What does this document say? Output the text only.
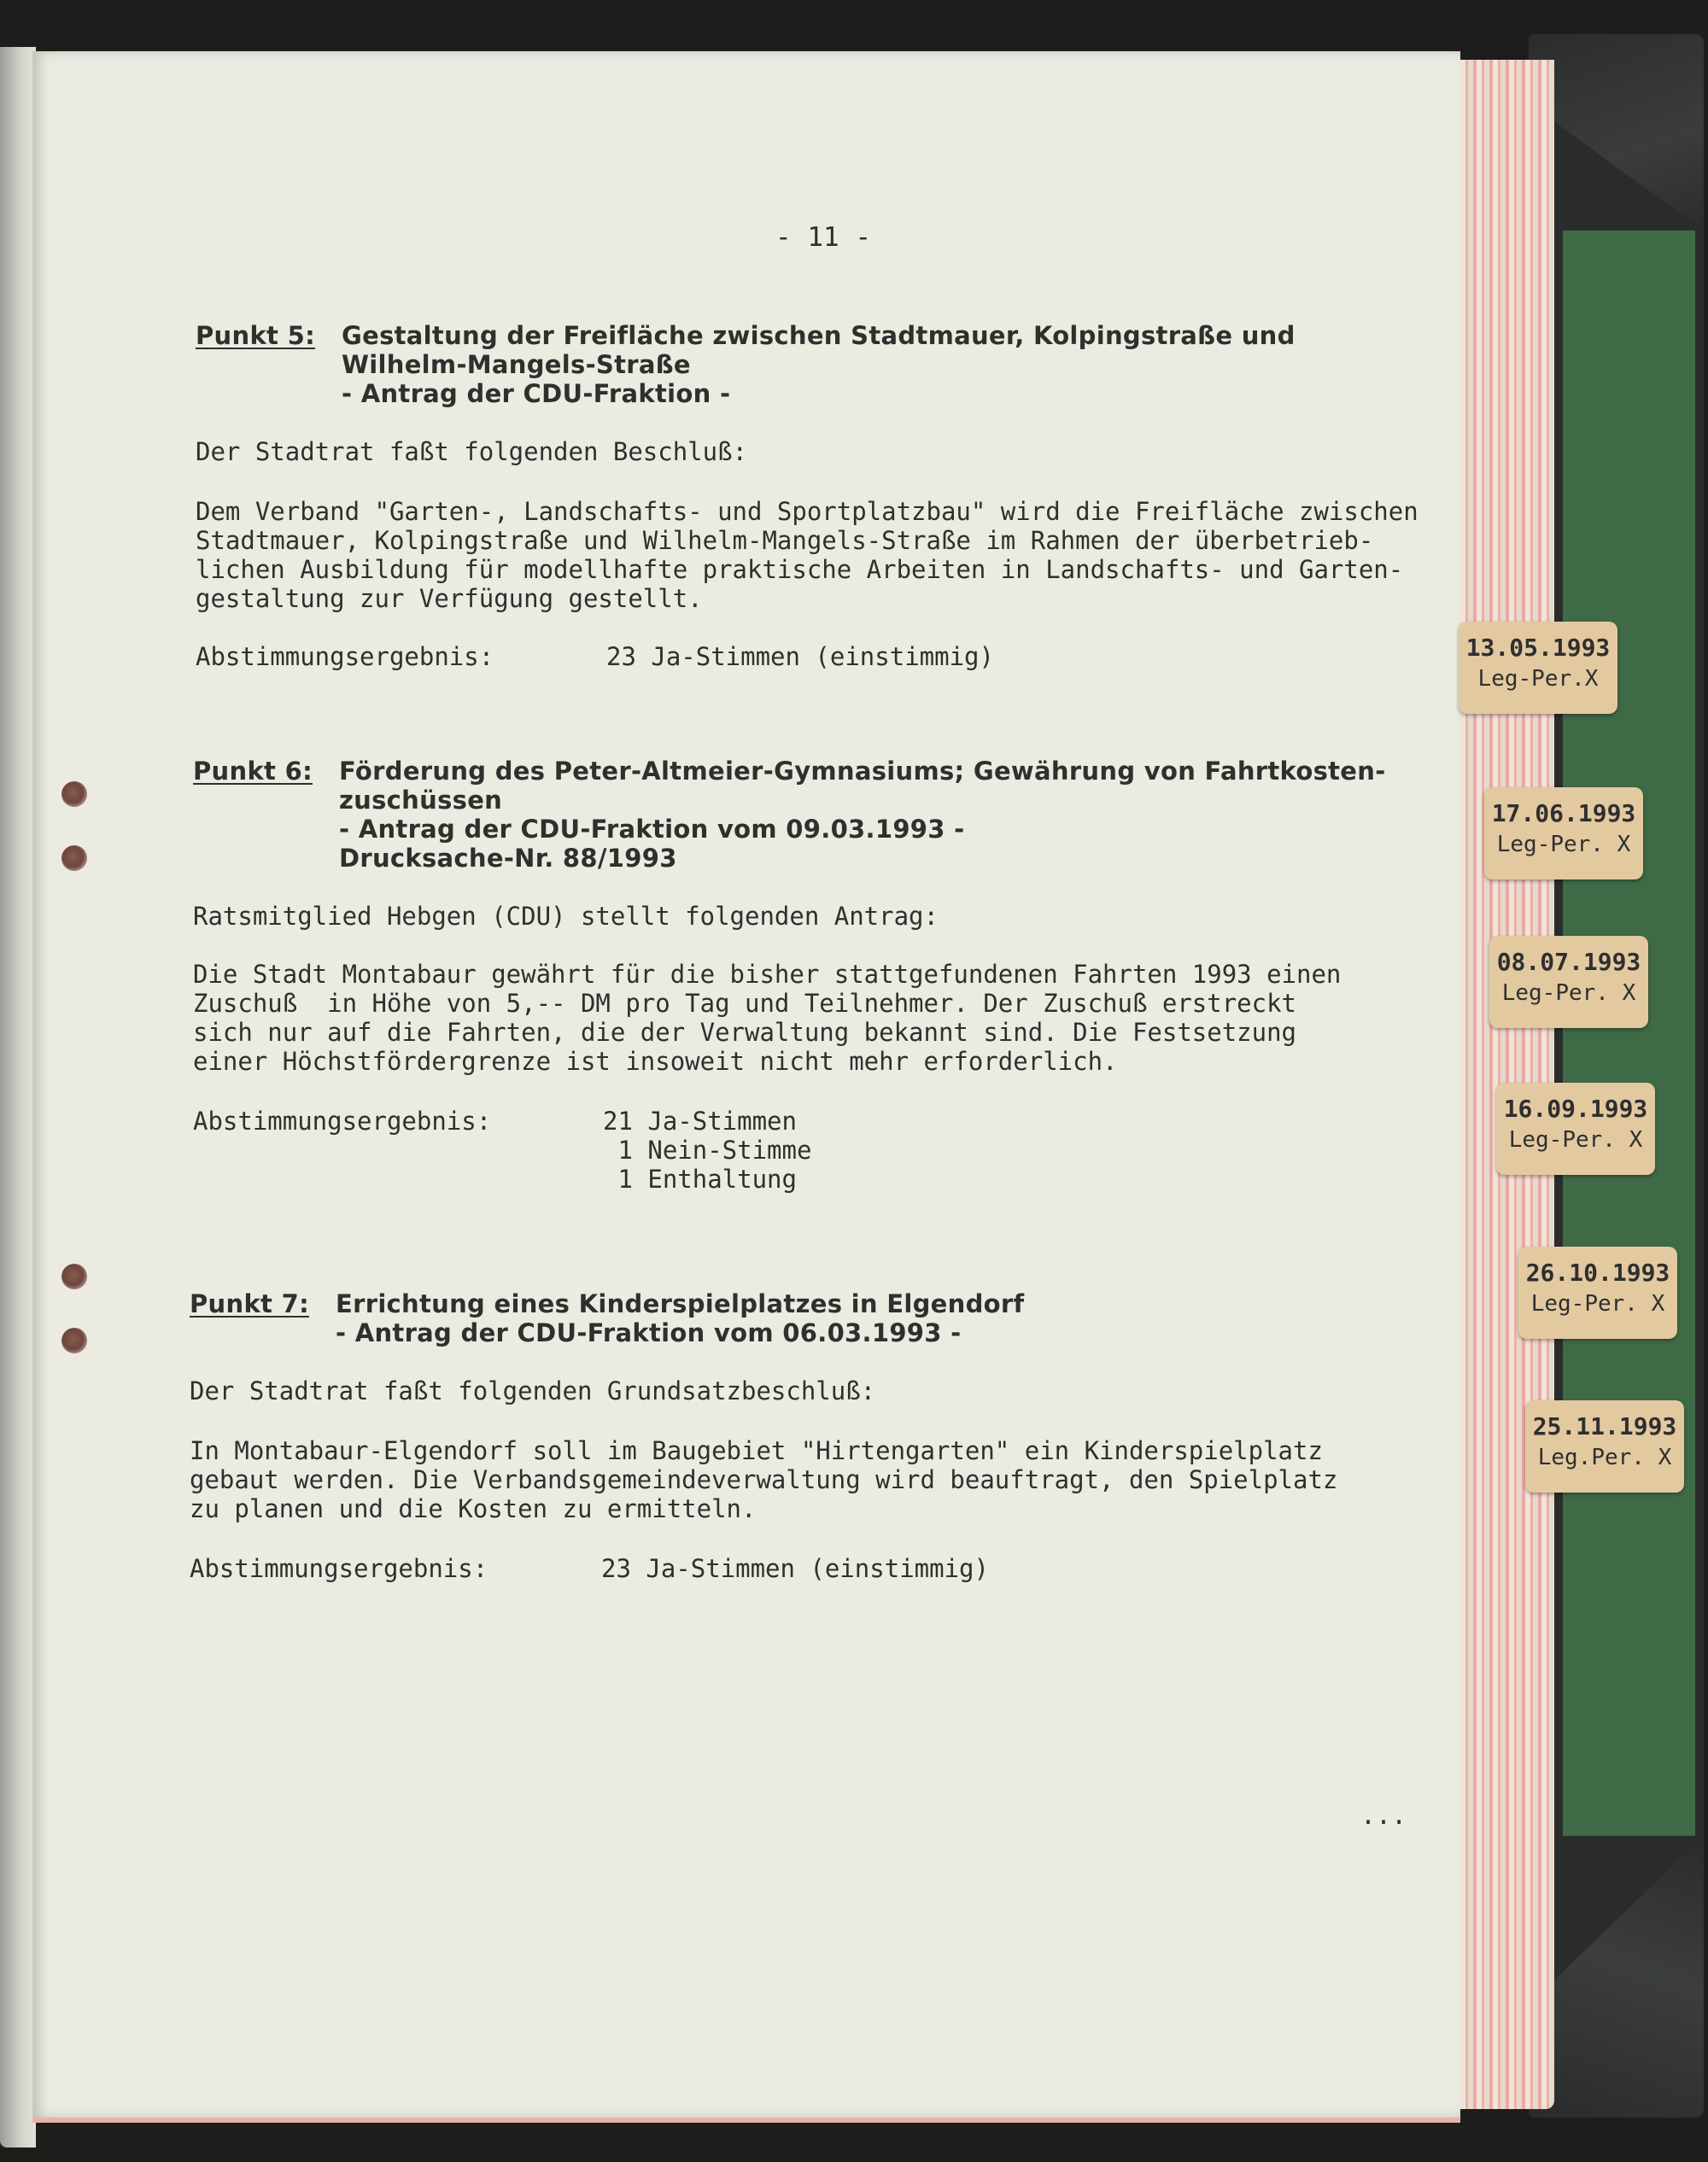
- 11 -
Punkt 5: Gestaltung der Freifläche zwischen Stadtmauer, Kolpingstraße und
Wilhelm-Mangels-Straße
- Antrag der CDU-Fraktion -
Der Stadtrat faßt folgenden Beschluß:
Dem Verband "Garten-, Landschafts- und Sportplatzbau" wird die Freifläche zwischen
Stadtmauer, Kolpingstraße und Wilhelm-Mangels-Straße im Rahmen der überbetrieb-
lichen Ausbildung für modellhafte praktische Arbeiten in Landschafts- und Garten-
gestaltung zur Verfügung gestellt.
Abstimmungsergebnis:	23 Ja-Stimmen (einstimmig)
Punkt 6: Förderung des Peter-Altmeier-Gymnasiums; Gewährung von Fahrtkosten-
zuschüssen
- Antrag der CDU-Fraktion vom 09.03.1993 -
Drucksache-Nr. 88/1993
Ratsmitglied Hebgen (CDU) stellt folgenden Antrag:
Die Stadt Montabaur gewährt für die bisher stattgefundenen Fahrten 1993 einen
Zuschuß  in Höhe von 5,-- DM pro Tag und Teilnehmer. Der Zuschuß erstreckt
sich nur auf die Fahrten, die der Verwaltung bekannt sind. Die Festsetzung
einer Höchstfördergrenze ist insoweit nicht mehr erforderlich.
Abstimmungsergebnis:	21 Ja-Stimmen
1 Nein-Stimme
1 Enthaltung
Punkt 7: Errichtung eines Kinderspielplatzes in Elgendorf
- Antrag der CDU-Fraktion vom 06.03.1993 -
Der Stadtrat faßt folgenden Grundsatzbeschluß:
In Montabaur-Elgendorf soll im Baugebiet "Hirtengarten" ein Kinderspielplatz
gebaut werden. Die Verbandsgemeindeverwaltung wird beauftragt, den Spielplatz
zu planen und die Kosten zu ermitteln.
Abstimmungsergebnis:	23 Ja-Stimmen (einstimmig)
...
13.05.1993
Leg-Per.X
17.06.1993
Leg-Per. X
08.07.1993
Leg-Per. X
16.09.1993
Leg-Per. X
26.10.1993
Leg-Per. X
25.11.1993
Leg.Per. X
